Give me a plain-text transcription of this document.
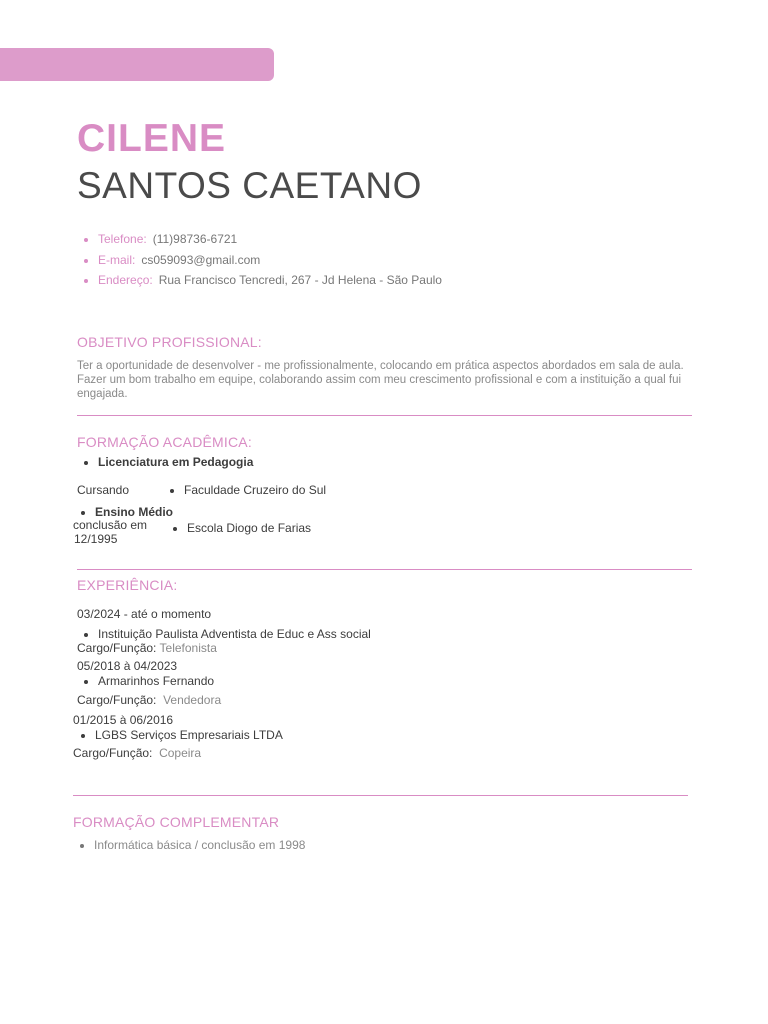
CILENE
SANTOS CAETANO
Telefone: (11)98736-6721
E-mail: cs059093@gmail.com
Endereço: Rua Francisco Tencredi, 267 - Jd Helena - São Paulo
OBJETIVO PROFISSIONAL:
Ter a oportunidade de desenvolver - me profissionalmente, colocando em prática aspectos abordados em sala de aula. Fazer um bom trabalho em equipe, colaborando assim com meu crescimento profissional e com a instituição a qual fui engajada.
FORMAÇÃO ACADÊMICA:
Licenciatura em Pedagogia
Cursando	Faculdade Cruzeiro do Sul
Ensino Médio
conclusão em
12/1995
Escola Diogo de Farias
EXPERIÊNCIA:
03/2024 - até o momento
Instituição Paulista Adventista de Educ e Ass social
Cargo/Função: Telefonista
05/2018 à 04/2023
Armarinhos Fernando
Cargo/Função: Vendedora
01/2015 à 06/2016
LGBS Serviços Empresariais LTDA
Cargo/Função: Copeira
FORMAÇÃO COMPLEMENTAR
Informática básica / conclusão em 1998
